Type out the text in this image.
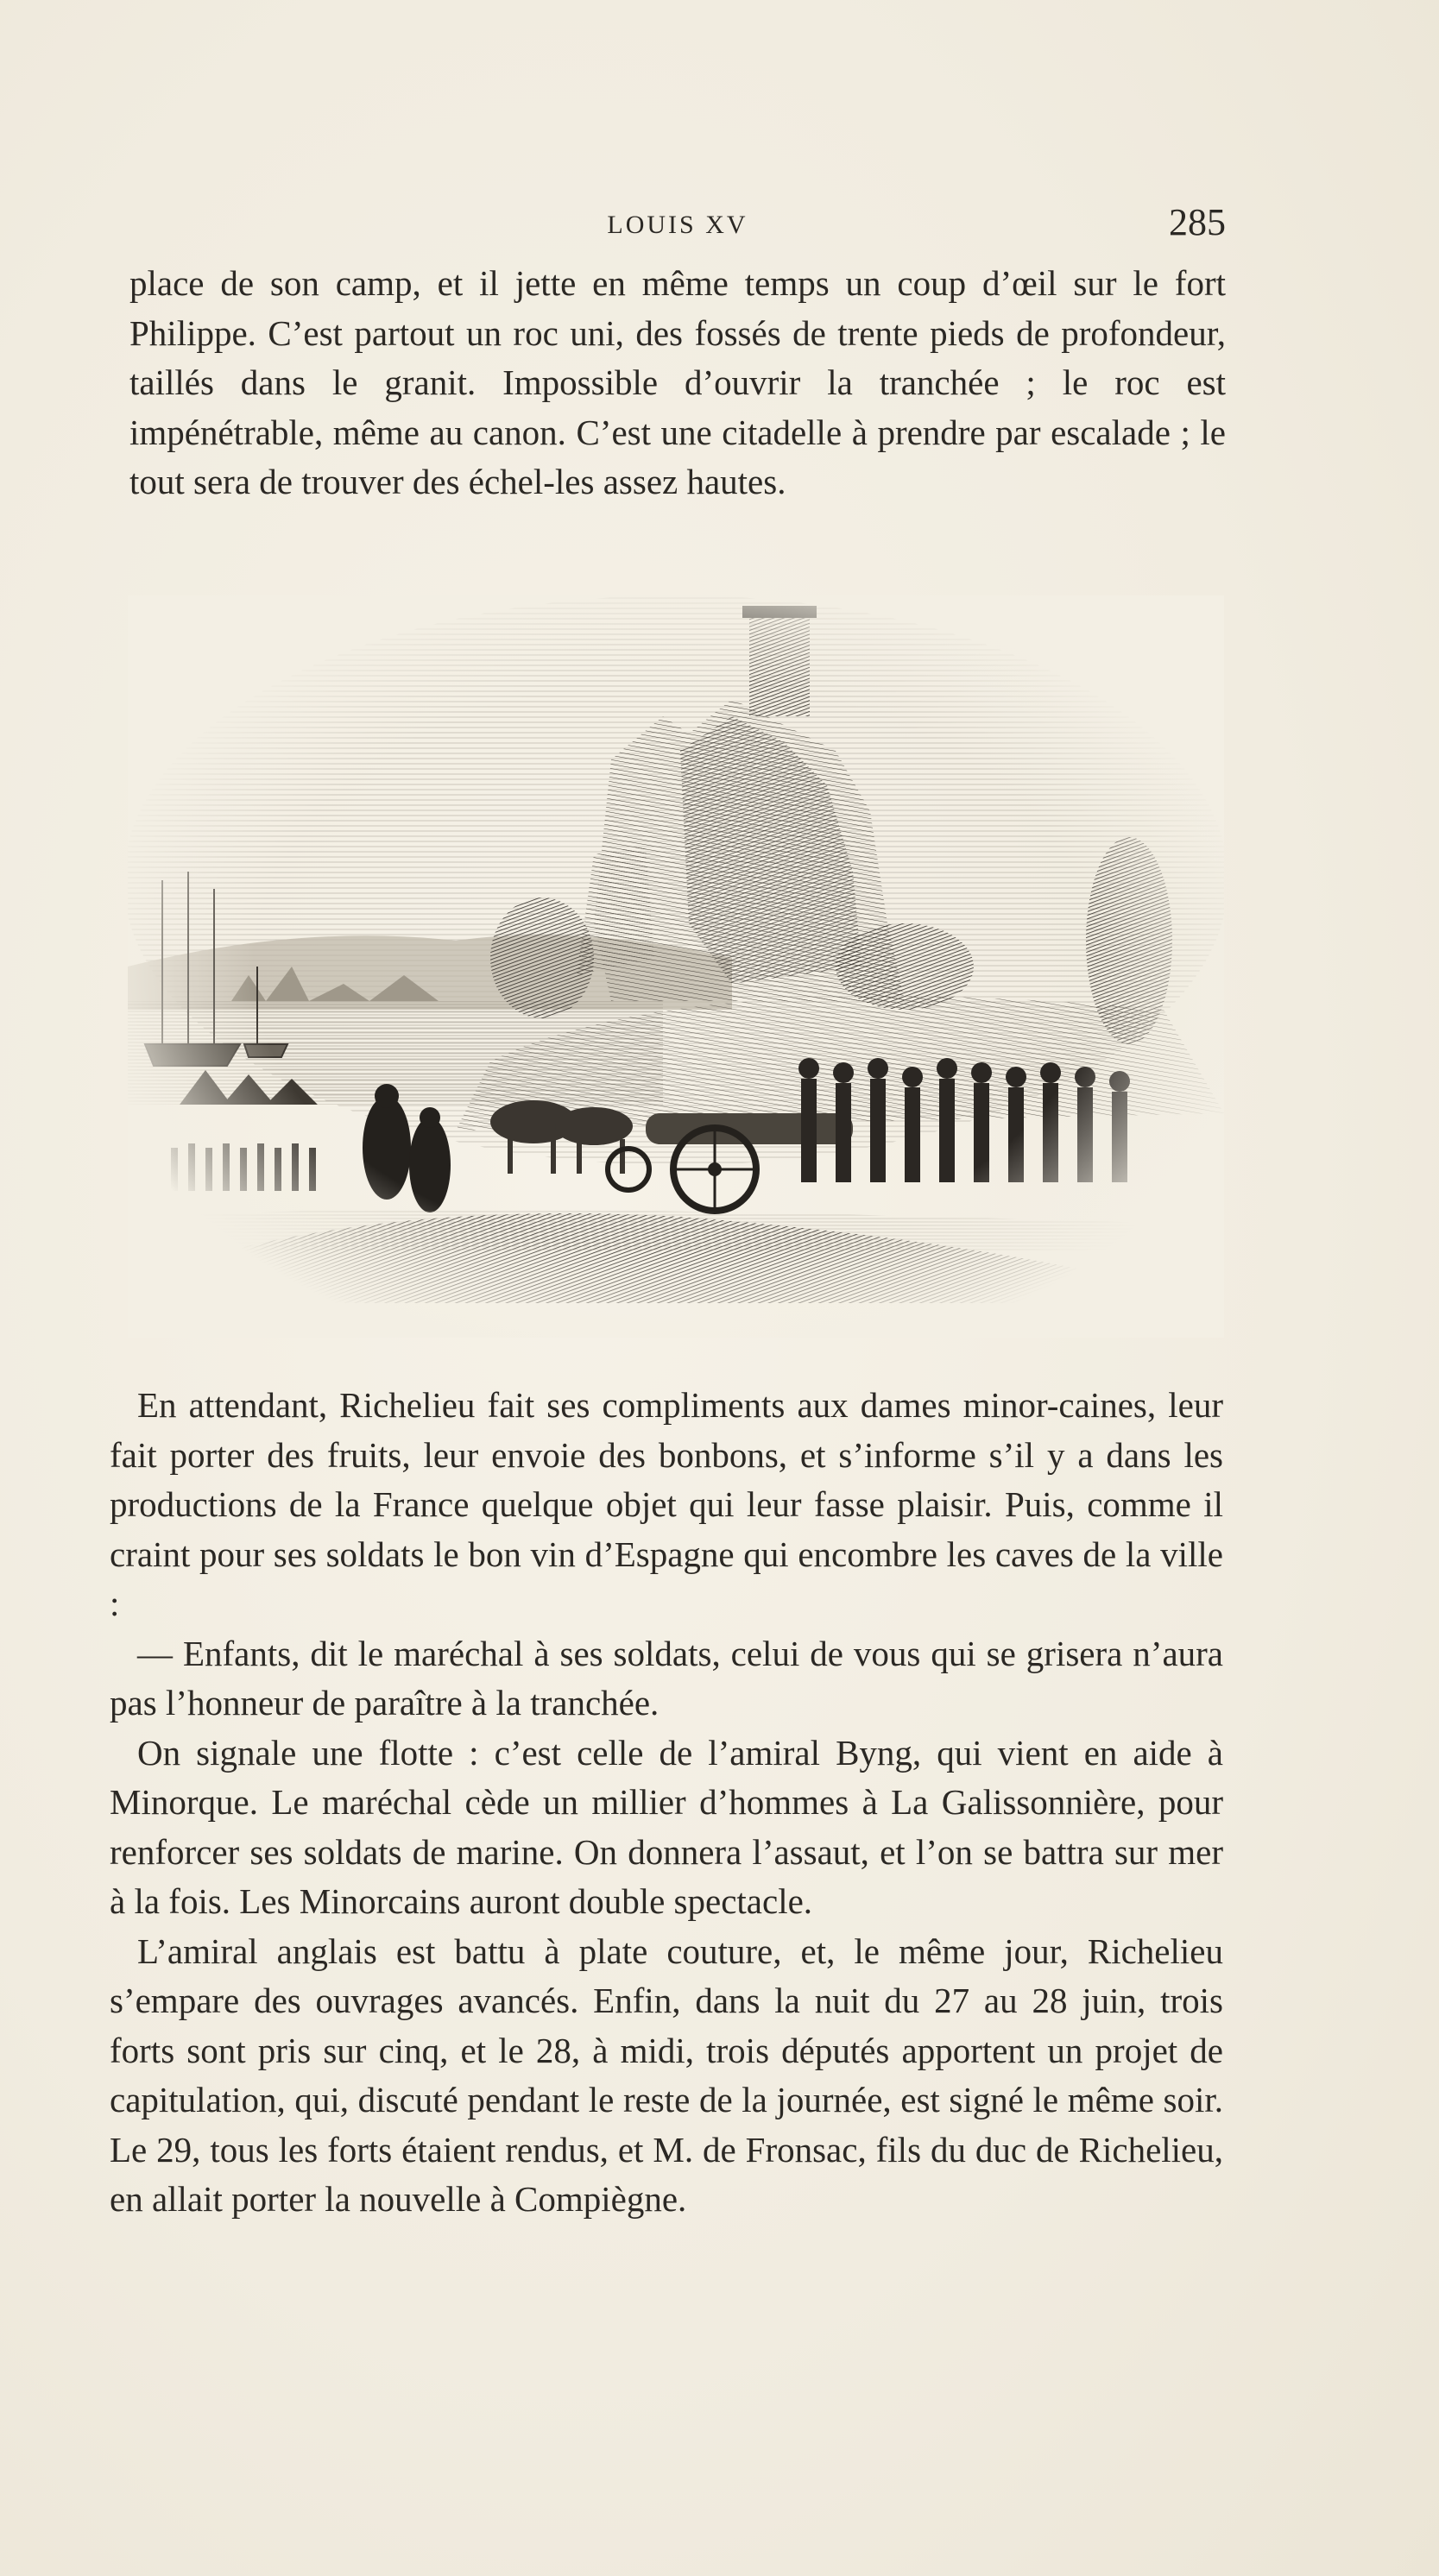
LOUIS XV	285

place de son camp, et il jette en même temps un coup d’œil sur le fort Philippe. C’est partout un roc uni, des fossés de trente pieds de profondeur, taillés dans le granit. Impossible d’ouvrir la tranchée ; le roc est impénétrable, même au canon. C’est une citadelle à prendre par escalade ; le tout sera de trouver des échel-les assez hautes.

En attendant, Richelieu fait ses compliments aux dames minor-caines, leur fait porter des fruits, leur envoie des bonbons, et s’informe s’il y a dans les productions de la France quelque objet qui leur fasse plaisir. Puis, comme il craint pour ses soldats le bon vin d’Espagne qui encombre les caves de la ville :

— Enfants, dit le maréchal à ses soldats, celui de vous qui se grisera n’aura pas l’honneur de paraître à la tranchée.

On signale une flotte : c’est celle de l’amiral Byng, qui vient en aide à Minorque. Le maréchal cède un millier d’hommes à La Galissonnière, pour renforcer ses soldats de marine. On donnera l’assaut, et l’on se battra sur mer à la fois. Les Minorcains auront double spectacle.

L’amiral anglais est battu à plate couture, et, le même jour, Richelieu s’empare des ouvrages avancés. Enfin, dans la nuit du 27 au 28 juin, trois forts sont pris sur cinq, et le 28, à midi, trois députés apportent un projet de capitulation, qui, discuté pendant le reste de la journée, est signé le même soir. Le 29, tous les forts étaient rendus, et M. de Fronsac, fils du duc de Richelieu, en allait porter la nouvelle à Compiègne.
